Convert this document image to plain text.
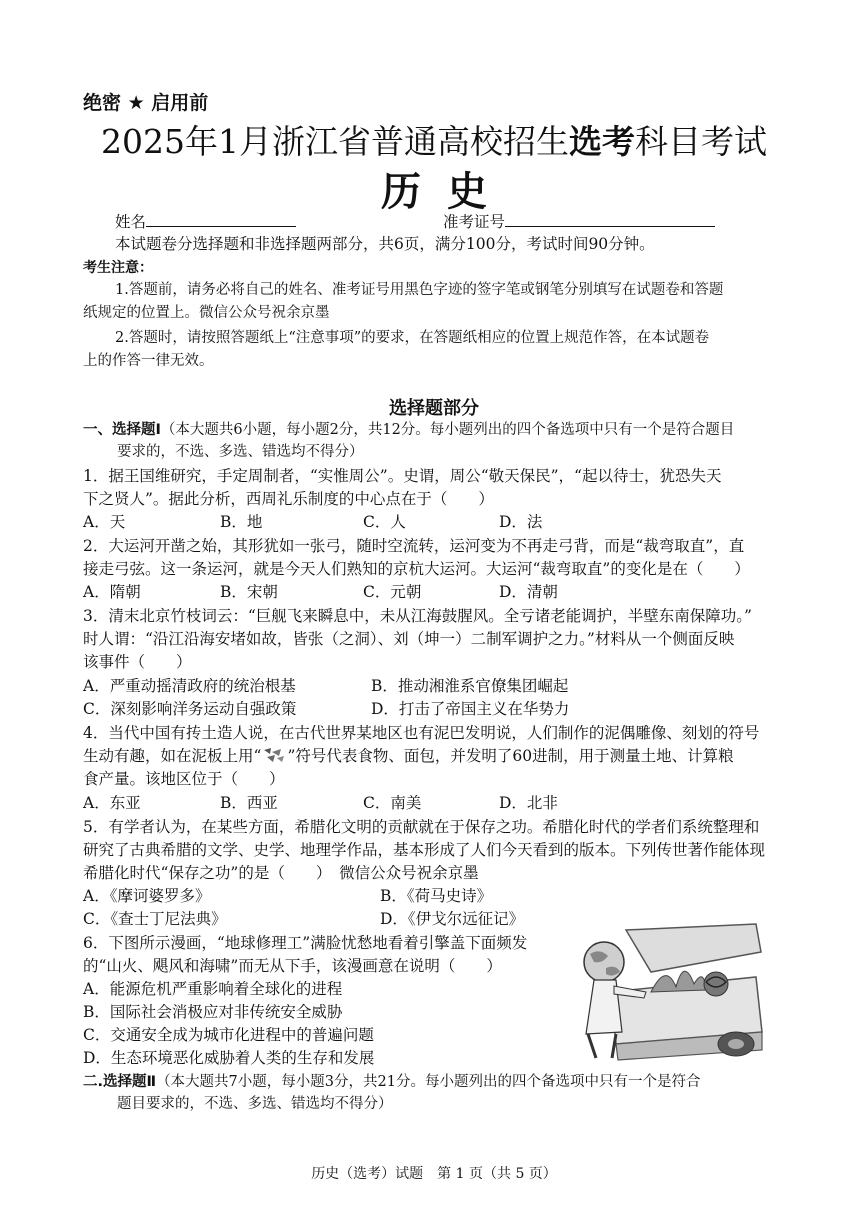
绝密 ★ 启用前
2025年1月浙江省普通高校招生选考科目考试
历史
姓名	准考证号
本试题卷分选择题和非选择题两部分，共6页，满分100分，考试时间90分钟。
考生注意：
1.答题前，请务必将自己的姓名、准考证号用黑色字迹的签字笔或钢笔分别填写在试题卷和答题
纸规定的位置上。微信公众号祝余京墨
2.答题时，请按照答题纸上“注意事项”的要求，在答题纸相应的位置上规范作答，在本试题卷
上的作答一律无效。
选择题部分
一、选择题Ⅰ（本大题共6小题，每小题2分，共12分。每小题列出的四个备选项中只有一个是符合题目
要求的，不选、多选、错选均不得分）
1．据王国维研究，手定周制者，“实惟周公”。史谓，周公“敬天保民”，“起以待士，犹恐失天
下之贤人”。据此分析，西周礼乐制度的中心点在于（　　）
A．天	B．地	C．人	D．法
2．大运河开凿之始，其形犹如一张弓，随时空流转，运河变为不再走弓背，而是“裁弯取直”，直
接走弓弦。这一条运河，就是今天人们熟知的京杭大运河。大运河“裁弯取直”的变化是在（　　）
A．隋朝	B．宋朝	C．元朝	D．清朝
3．清末北京竹枝词云：“巨舰飞来瞬息中，未从江海鼓腥风。全亏诸老能调护，半壁东南保障功。”
时人谓：“沿江沿海安堵如故，皆张（之洞）、刘（坤一）二制军调护之力。”材料从一个侧面反映
该事件（　　）
A．严重动摇清政府的统治根基	B．推动湘淮系官僚集团崛起
C．深刻影响洋务运动自强政策	D．打击了帝国主义在华势力
4．当代中国有抟土造人说，在古代世界某地区也有泥巴发明说，人们制作的泥偶雕像、刻划的符号
生动有趣，如在泥板上用“ ”符号代表食物、面包，并发明了60进制，用于测量土地、计算粮
食产量。该地区位于（　　）
A．东亚	B．西亚	C．南美	D．北非
5．有学者认为，在某些方面，希腊化文明的贡献就在于保存之功。希腊化时代的学者们系统整理和
研究了古典希腊的文学、史学、地理学作品，基本形成了人们今天看到的版本。下列传世著作能体现
希腊化时代“保存之功”的是（　　）　微信公众号祝余京墨
A．《摩诃婆罗多》	B．《荷马史诗》
C．《查士丁尼法典》	D．《伊戈尔远征记》
6．下图所示漫画，“地球修理工”满脸忧愁地看着引擎盖下面频发
的“山火、飓风和海啸”而无从下手，该漫画意在说明（　　）
A．能源危机严重影响着全球化的进程
B．国际社会消极应对非传统安全威胁
C．交通安全成为城市化进程中的普遍问题
D．生态环境恶化威胁着人类的生存和发展
二.选择题Ⅱ（本大题共7小题，每小题3分，共21分。每小题列出的四个备选项中只有一个是符合
题目要求的，不选、多选、错选均不得分）
历史（选考）试题　第 1 页（共 5 页）
